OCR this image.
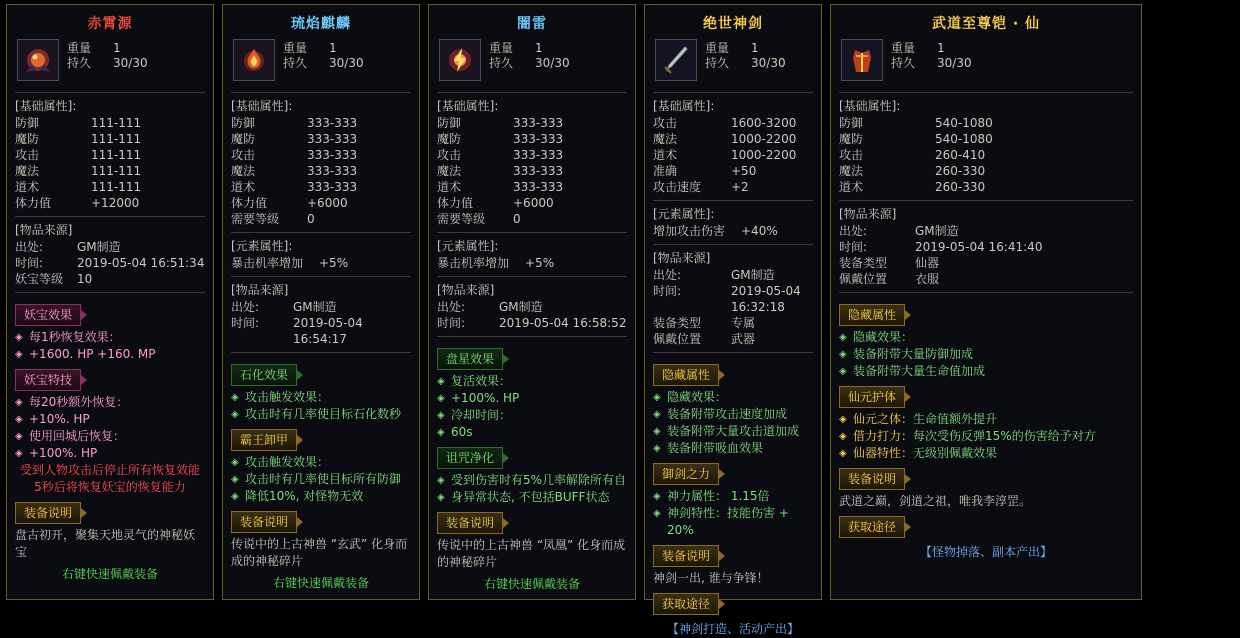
赤霄源
重量	1
持久	30/30
[基础属性]:
防御	111-111
魔防	111-111
攻击	111-111
魔法	111-111
道术	111-111
体力值	+12000
[物品来源]
出处:	GM制造
时间:	2019-05-04 16:51:34
妖宝等级	10
妖宝效果
◈ 每1秒恢复效果：
◈ +1600. HP +160. MP
妖宝特技
◈ 每20秒额外恢复：
◈ +10%. HP
◈ 使用回城后恢复：
◈ +100%. HP
受到人物攻击后停止所有恢复效能
5秒后将恢复妖宝的恢复能力
装备说明
盘古初开，聚集天地灵气的神秘妖宝
右键快速佩戴装备
琉焰麒麟
重量	1
持久	30/30
[基础属性]:
防御	333-333
魔防	333-333
攻击	333-333
魔法	333-333
道术	333-333
体力值	+6000
需要等级	0
[元素属性]:
暴击机率增加	+5%
[物品来源]
出处:	GM制造
时间:	2019-05-04 16:54:17
石化效果
◈ 攻击触发效果：
◈ 攻击时有几率使目标石化数秒
霸王卸甲
◈ 攻击触发效果：
◈ 攻击时有几率使目标所有防御
◈ 降低10%, 对怪物无效
装备说明
传说中的上古神兽 “玄武” 化身而成的神秘碎片
右键快速佩戴装备
闇雷
重量	1
持久	30/30
[基础属性]:
防御	333-333
魔防	333-333
攻击	333-333
魔法	333-333
道术	333-333
体力值	+6000
需要等级	0
[元素属性]:
暴击机率增加	+5%
[物品来源]
出处:	GM制造
时间:	2019-05-04 16:58:52
盘星效果
◈ 复活效果：
◈ +100%. HP
◈ 冷却时间：
◈ 60s
诅咒净化
◈ 受到伤害时有5%几率解除所有自
◈ 身异常状态, 不包括BUFF状态
装备说明
传说中的上古神兽 “凤凰” 化身而成的神秘碎片
右键快速佩戴装备
绝世神剑
重量	1
持久	30/30
[基础属性]:
攻击	1600-3200
魔法	1000-2200
道术	1000-2200
准确	+50
攻击速度	+2
[元素属性]:
增加攻击伤害	+40%
[物品来源]
出处:	GM制造
时间:	2019-05-04 16:32:18
装备类型	专属
佩戴位置	武器
隐藏属性
◈ 隐藏效果：
◈ 装备附带攻击速度加成
◈ 装备附带大量攻击道加成
◈ 装备附带吸血效果
御剑之力
◈ 神力属性： 1.15倍
◈ 神剑特性：技能伤害 + 20%
装备说明
神剑一出, 谁与争锋！
获取途径
【神剑打造、活动产出】
武道至尊铠 · 仙
重量	1
持久	30/30
[基础属性]:
防御	540-1080
魔防	540-1080
攻击	260-410
魔法	260-330
道术	260-330
[物品来源]
出处:	GM制造
时间:	2019-05-04 16:41:40
装备类型	仙器
佩戴位置	衣服
隐藏属性
◈ 隐藏效果：
◈ 装备附带大量防御加成
◈ 装备附带大量生命值加成
仙元护体
◈ 仙元之体：生命值额外提升
◈ 借力打力：每次受伤反弹15%的伤害给予对方
◈ 仙器特性：无级别佩戴效果
装备说明
武道之巅，剑道之祖，唯我李淳罡。
获取途径
【怪物掉落、副本产出】
